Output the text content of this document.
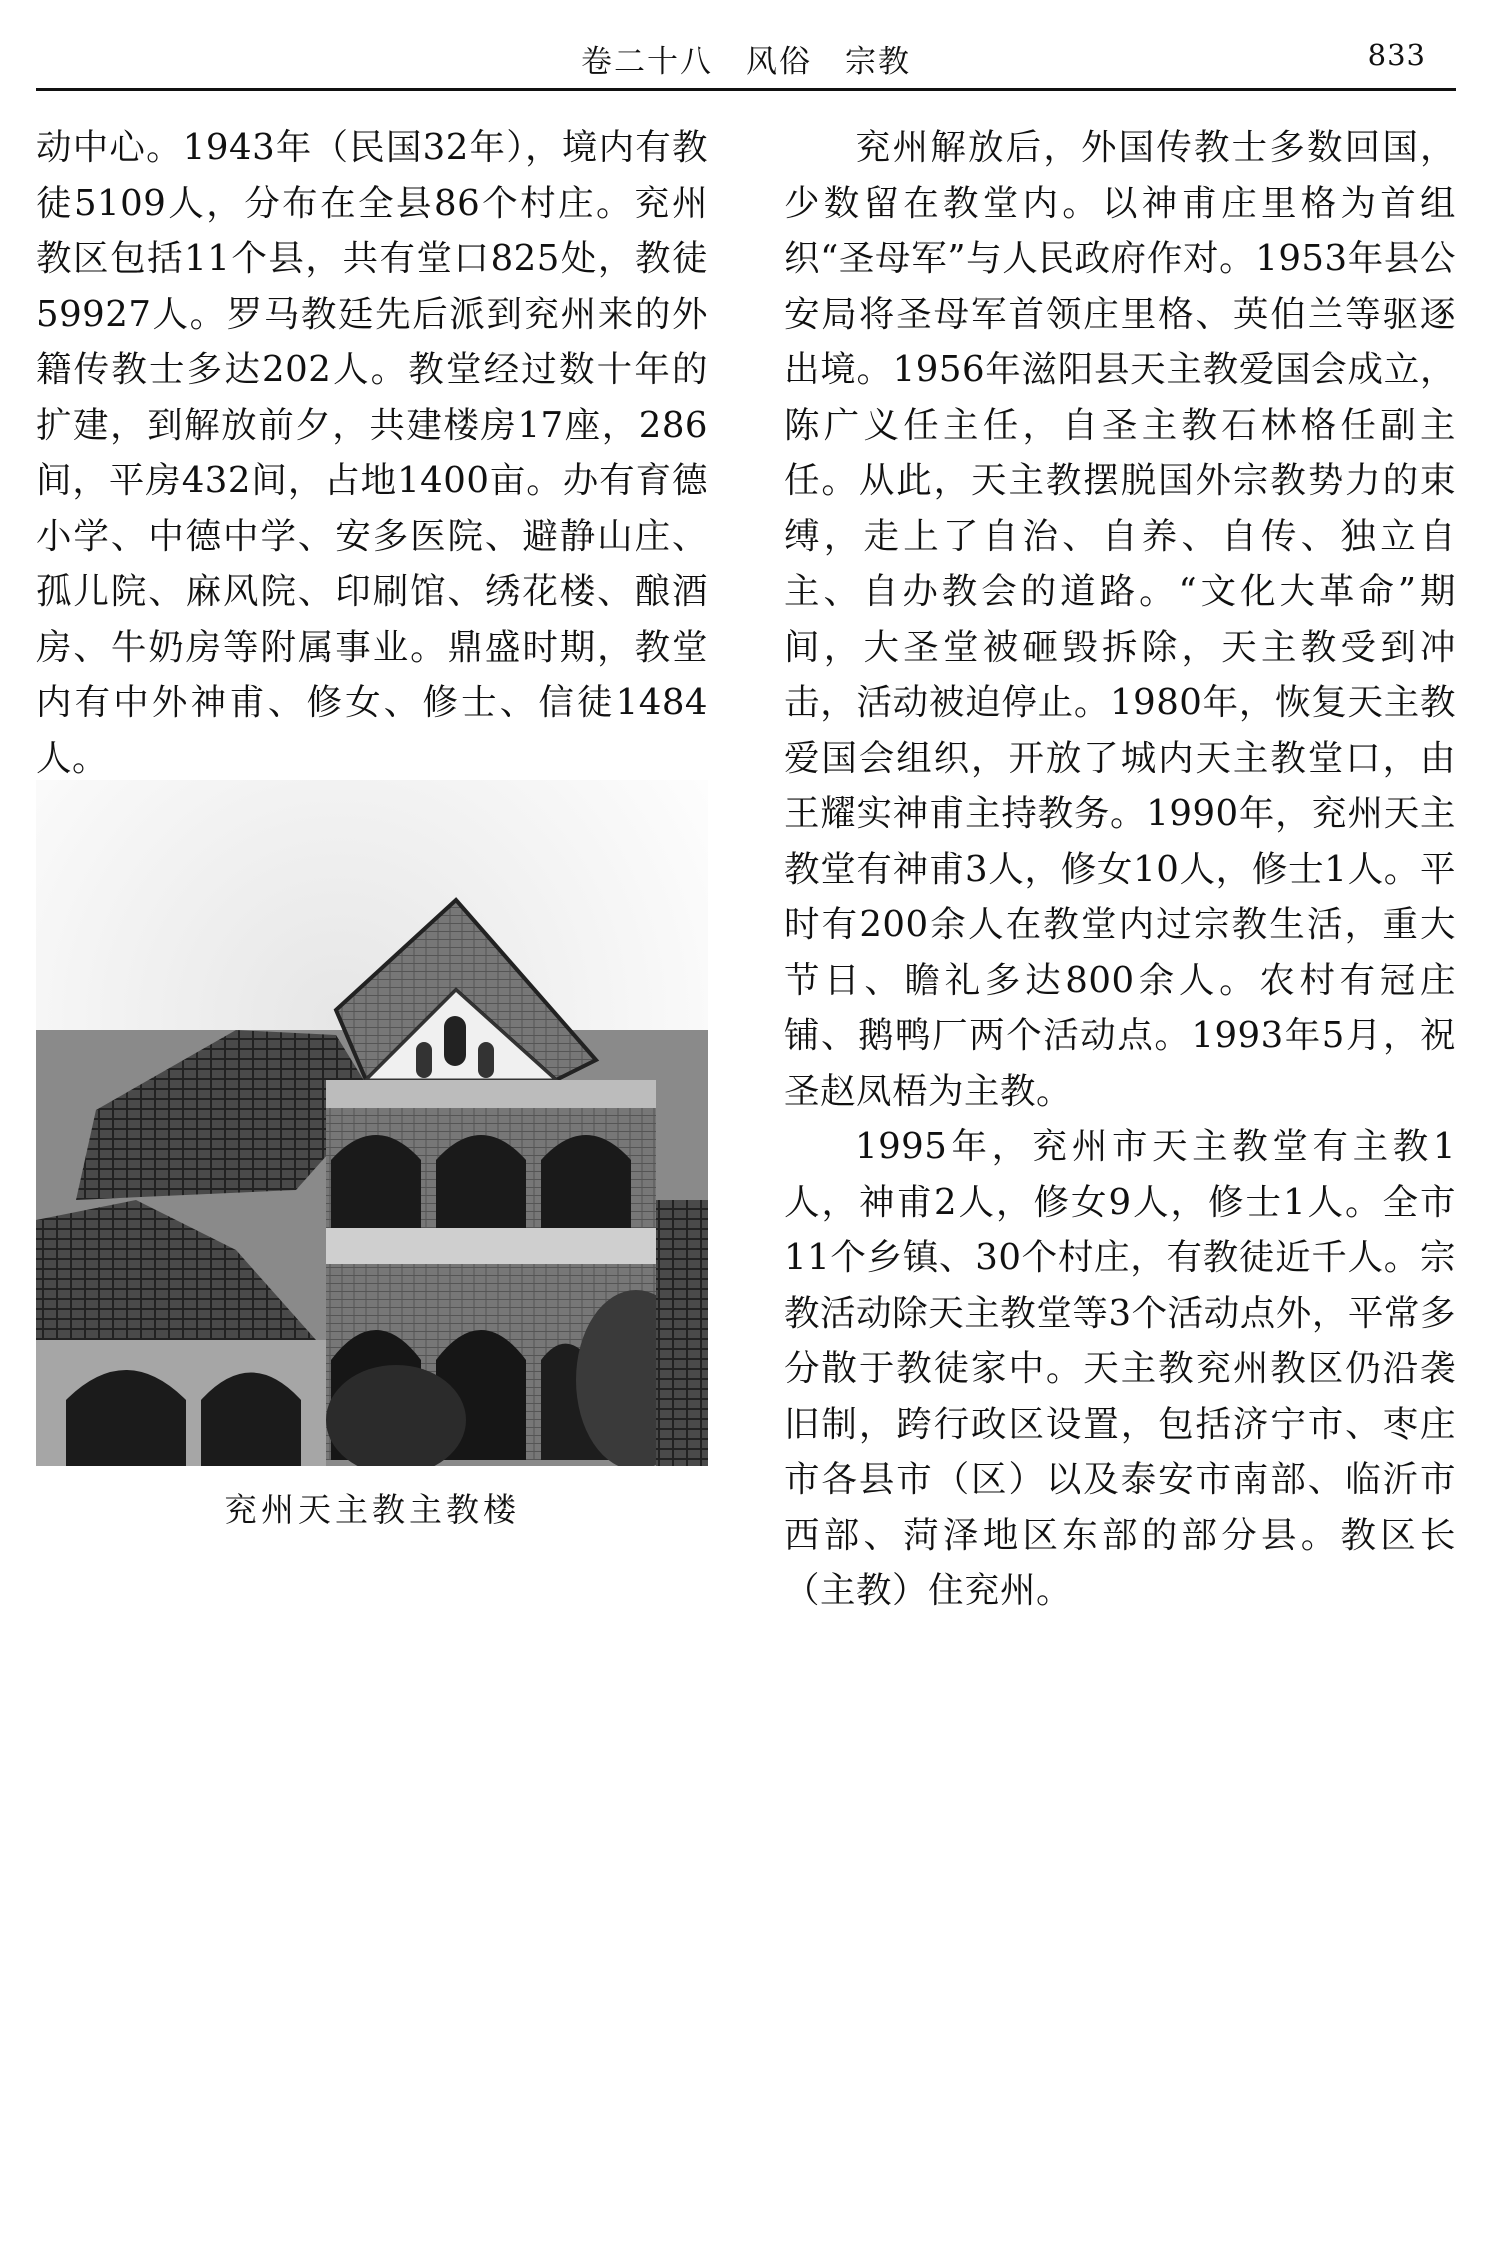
卷二十八　风俗　宗教	833

动中心。1943年（民国32年），境内有教徒5109人，分布在全县86个村庄。兖州教区包括11个县，共有堂口825处，教徒59927人。罗马教廷先后派到兖州来的外籍传教士多达202人。教堂经过数十年的扩建，到解放前夕，共建楼房17座，286间，平房432间，占地1400亩。办有育德小学、中德中学、安多医院、避静山庄、孤儿院、麻风院、印刷馆、绣花楼、酿酒房、牛奶房等附属事业。鼎盛时期，教堂内有中外神甫、修女、修士、信徒1484人。

兖州天主教主教楼

兖州解放后，外国传教士多数回国，少数留在教堂内。以神甫庄里格为首组织“圣母军”与人民政府作对。1953年县公安局将圣母军首领庄里格、英伯兰等驱逐出境。1956年滋阳县天主教爱国会成立，陈广义任主任，自圣主教石林格任副主任。从此，天主教摆脱国外宗教势力的束缚，走上了自治、自养、自传、独立自主、自办教会的道路。“文化大革命”期间，大圣堂被砸毁拆除，天主教受到冲击，活动被迫停止。1980年，恢复天主教爱国会组织，开放了城内天主教堂口，由王耀实神甫主持教务。1990年，兖州天主教堂有神甫3人，修女10人，修士1人。平时有200余人在教堂内过宗教生活，重大节日、瞻礼多达800余人。农村有冠庄铺、鹅鸭厂两个活动点。1993年5月，祝圣赵凤梧为主教。

1995年，兖州市天主教堂有主教1人，神甫2人，修女9人，修士1人。全市11个乡镇、30个村庄，有教徒近千人。宗教活动除天主教堂等3个活动点外，平常多分散于教徒家中。天主教兖州教区仍沿袭旧制，跨行政区设置，包括济宁市、枣庄市各县市（区）以及泰安市南部、临沂市西部、菏泽地区东部的部分县。教区长（主教）住兖州。
